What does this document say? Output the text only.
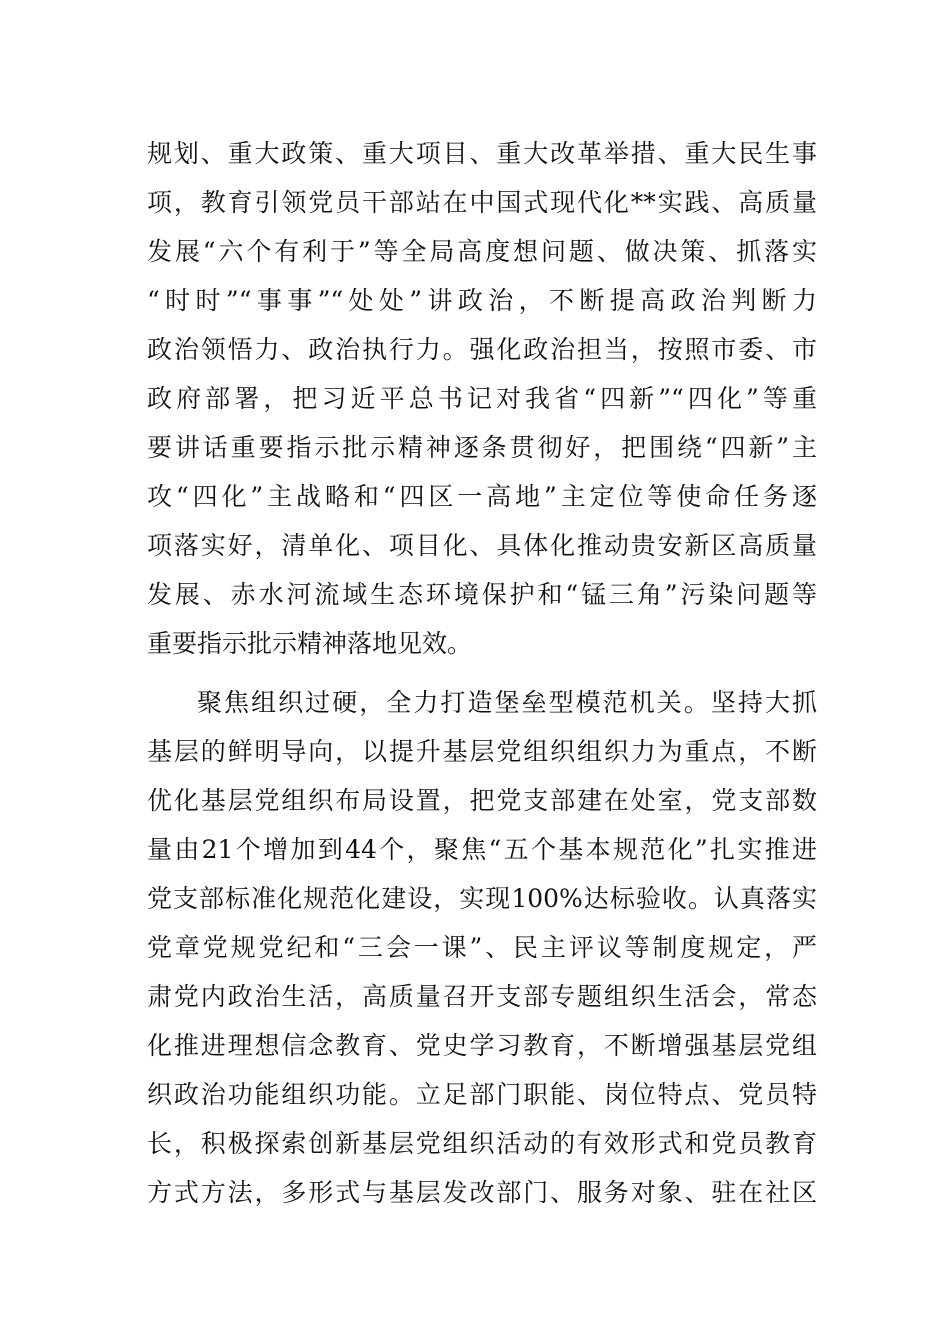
规划、重大政策、重大项目、重大改革举措、重大民生事
项，教育引领党员干部站在中国式现代化**实践、高质量
发展“六个有利于”等全局高度想问题、做决策、抓落实
“时时”“事事”“处处”讲政治，不断提高政治判断力
政治领悟力、政治执行力。强化政治担当，按照市委、市
政府部署，把习近平总书记对我省“四新”“四化”等重
要讲话重要指示批示精神逐条贯彻好，把围绕“四新”主
攻“四化”主战略和“四区一高地”主定位等使命任务逐
项落实好，清单化、项目化、具体化推动贵安新区高质量
发展、赤水河流域生态环境保护和“锰三角”污染问题等
重要指示批示精神落地见效。
聚焦组织过硬，全力打造堡垒型模范机关。坚持大抓
基层的鲜明导向，以提升基层党组织组织力为重点，不断
优化基层党组织布局设置，把党支部建在处室，党支部数
量由21个增加到44个，聚焦“五个基本规范化”扎实推进
党支部标准化规范化建设，实现100%达标验收。认真落实
党章党规党纪和“三会一课”、民主评议等制度规定，严
肃党内政治生活，高质量召开支部专题组织生活会，常态
化推进理想信念教育、党史学习教育，不断增强基层党组
织政治功能组织功能。立足部门职能、岗位特点、党员特
长，积极探索创新基层党组织活动的有效形式和党员教育
方式方法，多形式与基层发改部门、服务对象、驻在社区
